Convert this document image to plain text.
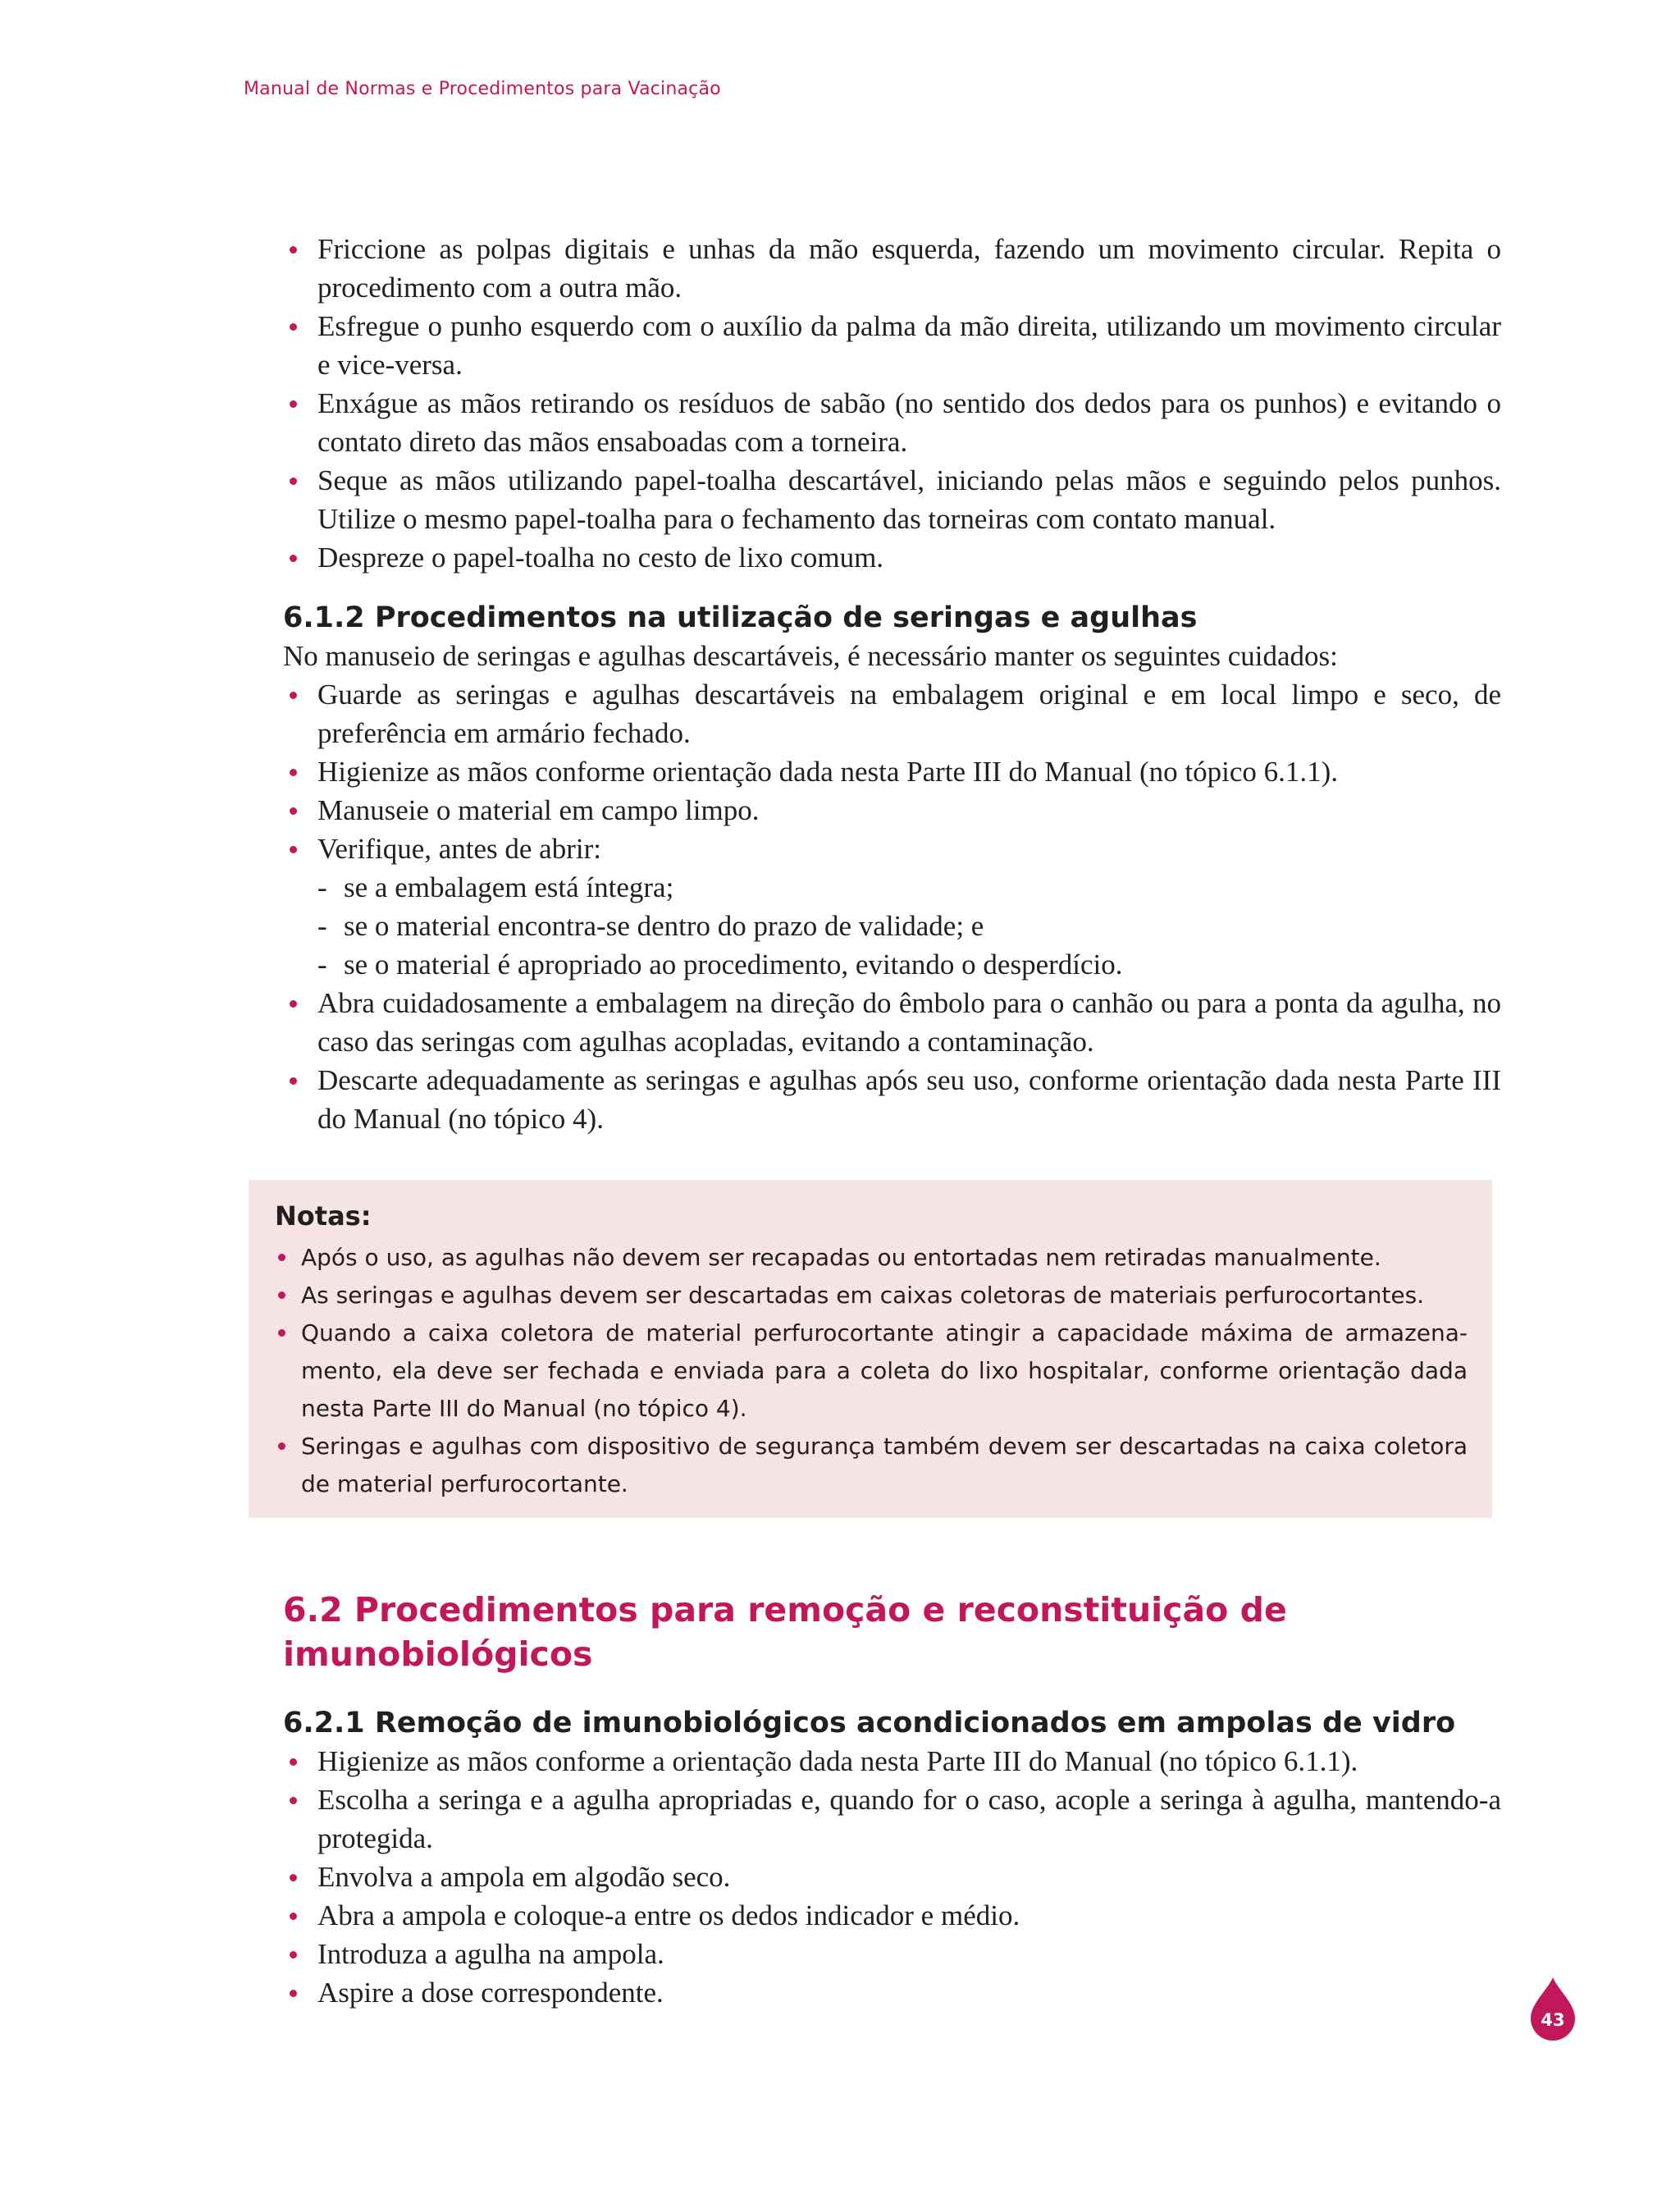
Manual de Normas e Procedimentos para Vacinação
Friccione as polpas digitais e unhas da mão esquerda, fazendo um movimento circular. Repita o procedimento com a outra mão.
Esfregue o punho esquerdo com o auxílio da palma da mão direita, utilizando um movimento circular e vice-versa.
Enxágue as mãos retirando os resíduos de sabão (no sentido dos dedos para os punhos) e evitando o contato direto das mãos ensaboadas com a torneira.
Seque as mãos utilizando papel-toalha descartável, iniciando pelas mãos e seguindo pelos punhos. Utilize o mesmo papel-toalha para o fechamento das torneiras com contato manual.
Despreze o papel-toalha no cesto de lixo comum.
6.1.2 Procedimentos na utilização de seringas e agulhas

No manuseio de seringas e agulhas descartáveis, é necessário manter os seguintes cuidados:

Guarde as seringas e agulhas descartáveis na embalagem original e em local limpo e seco, de preferência em armário fechado.
Higienize as mãos conforme orientação dada nesta Parte III do Manual (no tópico 6.1.1).
Manuseie o material em campo limpo.
Verifique, antes de abrir:
- se a embalagem está íntegra;
- se o material encontra-se dentro do prazo de validade; e
- se o material é apropriado ao procedimento, evitando o desperdício.
Abra cuidadosamente a embalagem na direção do êmbolo para o canhão ou para a ponta da agulha, no caso das seringas com agulhas acopladas, evitando a contaminação.
Descarte adequadamente as seringas e agulhas após seu uso, conforme orientação dada nesta Parte III do Manual (no tópico 4).
Notas:
Após o uso, as agulhas não devem ser recapadas ou entortadas nem retiradas manualmente.
As seringas e agulhas devem ser descartadas em caixas coletoras de materiais perfurocortantes.
Quando a caixa coletora de material perfurocortante atingir a capacidade máxima de armazena-mento, ela deve ser fechada e enviada para a coleta do lixo hospitalar, conforme orientação dada nesta Parte III do Manual (no tópico 4).
Seringas e agulhas com dispositivo de segurança também devem ser descartadas na caixa coletora de material perfurocortante.
6.2 Procedimentos para remoção e reconstituição de imunobiológicos
6.2.1 Remoção de imunobiológicos acondicionados em ampolas de vidro
Higienize as mãos conforme a orientação dada nesta Parte III do Manual (no tópico 6.1.1).
Escolha a seringa e a agulha apropriadas e, quando for o caso, acople a seringa à agulha, mantendo-a protegida.
Envolva a ampola em algodão seco.
Abra a ampola e coloque-a entre os dedos indicador e médio.
Introduza a agulha na ampola.
Aspire a dose correspondente.
43
